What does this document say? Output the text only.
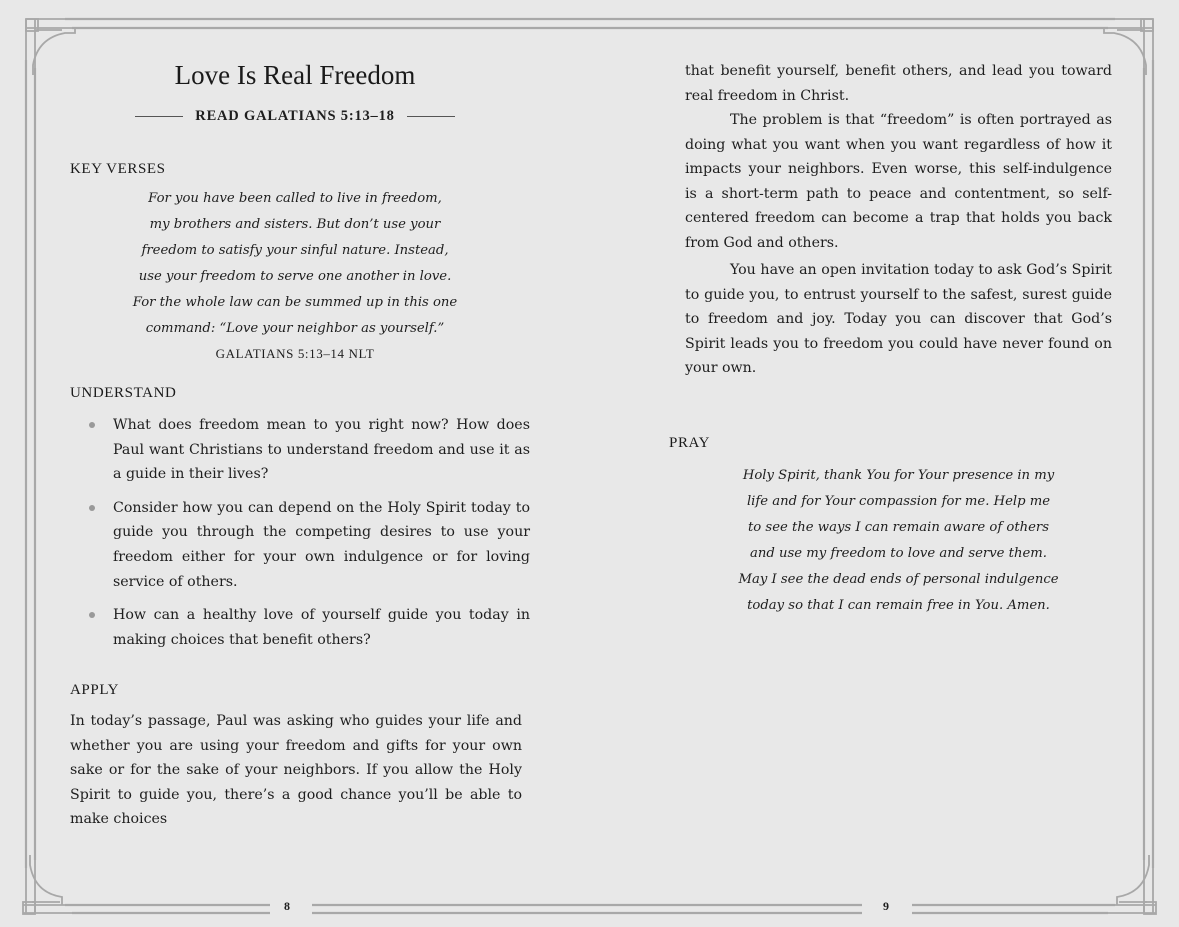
Love Is Real Freedom
READ GALATIANS 5:13–18
KEY VERSES
For you have been called to live in freedom,
my brothers and sisters. But don’t use your
freedom to satisfy your sinful nature. Instead,
use your freedom to serve one another in love.
For the whole law can be summed up in this one
command: “Love your neighbor as yourself.”
GALATIANS 5:13–14 NLT
UNDERSTAND
What does freedom mean to you right now? How does Paul want Christians to understand freedom and use it as a guide in their lives?
Consider how you can depend on the Holy Spirit today to guide you through the competing desires to use your freedom either for your own indulgence or for loving service of others.
How can a healthy love of yourself guide you today in making choices that benefit others?
APPLY

In today’s passage, Paul was asking who guides your life and whether you are using your freedom and gifts for your own sake or for the sake of your neighbors. If you allow the Holy Spirit to guide you, there’s a good chance you’ll be able to make choices

8

that benefit yourself, benefit others, and lead you toward real freedom in Christ.

The problem is that “freedom” is often portrayed as doing what you want when you want regardless of how it impacts your neighbors. Even worse, this self-indulgence is a short-term path to peace and contentment, so self-centered freedom can become a trap that holds you back from God and others.

You have an open invitation today to ask God’s Spirit to guide you, to entrust yourself to the safest, surest guide to freedom and joy. Today you can discover that God’s Spirit leads you to freedom you could have never found on your own.

PRAY
Holy Spirit, thank You for Your presence in my
life and for Your compassion for me. Help me
to see the ways I can remain aware of others
and use my freedom to love and serve them.
May I see the dead ends of personal indulgence
today so that I can remain free in You. Amen.
9
